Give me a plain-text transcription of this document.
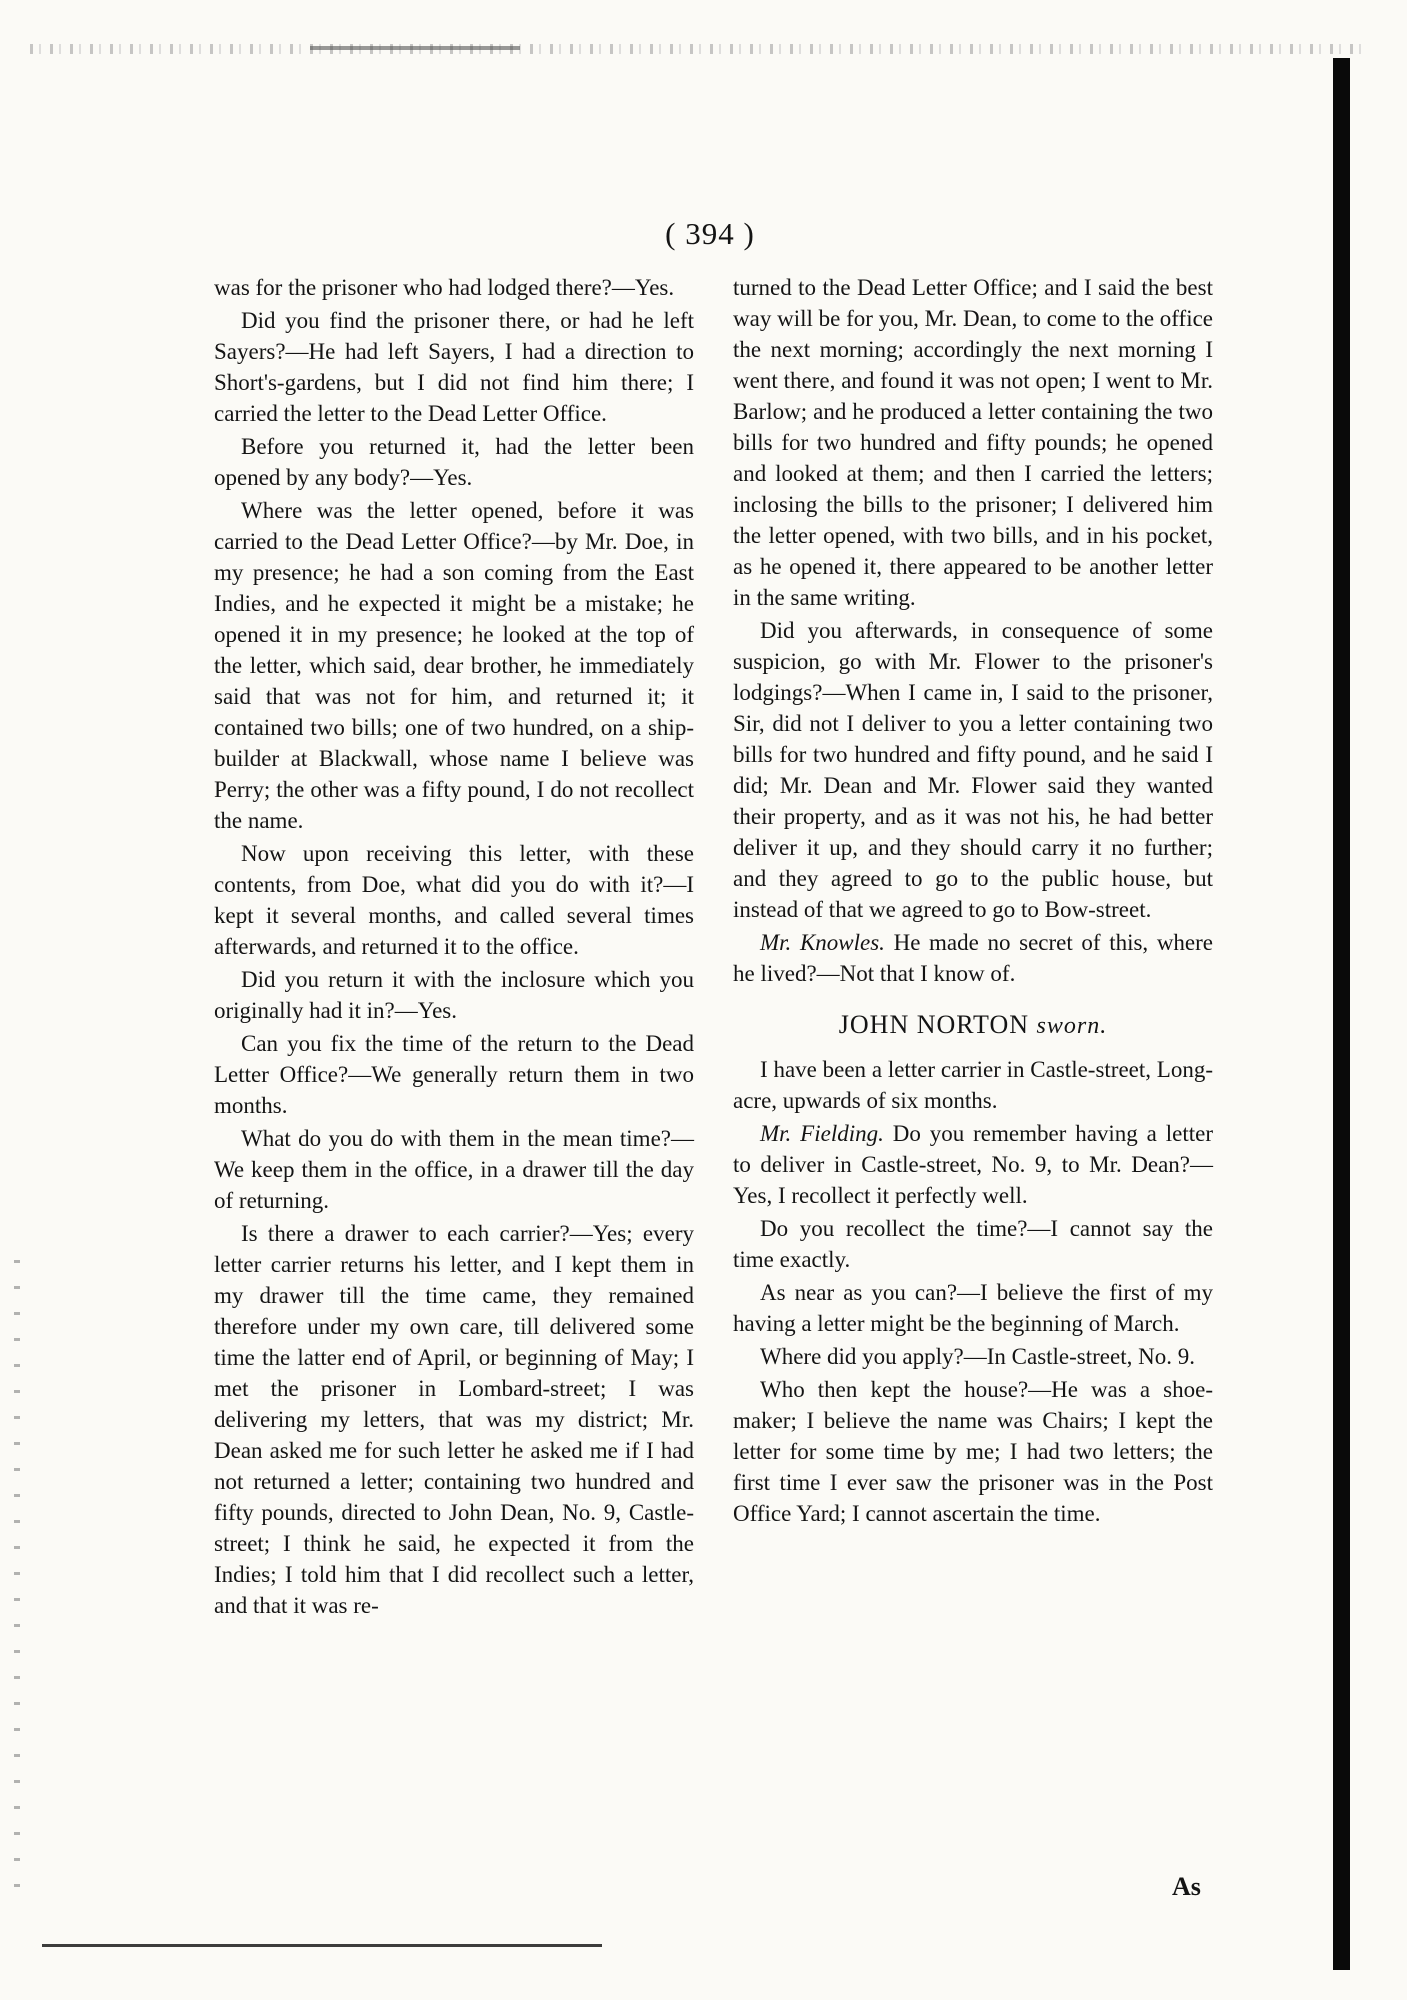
( 394 )

was for the prisoner who had lodged there?—Yes.

Did you find the prisoner there, or had he left Sayers?—He had left Sayers, I had a direction to Short's-gardens, but I did not find him there; I carried the letter to the Dead Letter Office.

Before you returned it, had the letter been opened by any body?—Yes.

Where was the letter opened, before it was carried to the Dead Letter Office?—by Mr. Doe, in my presence; he had a son coming from the East Indies, and he expected it might be a mistake; he opened it in my presence; he looked at the top of the letter, which said, dear brother, he immediately said that was not for him, and returned it; it contained two bills; one of two hundred, on a ship-builder at Blackwall, whose name I believe was Perry; the other was a fifty pound, I do not recollect the name.

Now upon receiving this letter, with these contents, from Doe, what did you do with it?—I kept it several months, and called several times afterwards, and returned it to the office.

Did you return it with the inclosure which you originally had it in?—Yes.

Can you fix the time of the return to the Dead Letter Office?—We generally return them in two months.

What do you do with them in the mean time?—We keep them in the office, in a drawer till the day of returning.

Is there a drawer to each carrier?—Yes; every letter carrier returns his letter, and I kept them in my drawer till the time came, they remained therefore under my own care, till delivered some time the latter end of April, or beginning of May; I met the prisoner in Lombard-street; I was delivering my letters, that was my district; Mr. Dean asked me for such letter he asked me if I had not returned a letter; containing two hundred and fifty pounds, directed to John Dean, No. 9, Castle-street; I think he said, he expected it from the Indies; I told him that I did recollect such a letter, and that it was re-

turned to the Dead Letter Office; and I said the best way will be for you, Mr. Dean, to come to the office the next morning; accordingly the next morning I went there, and found it was not open; I went to Mr. Barlow; and he produced a letter containing the two bills for two hundred and fifty pounds; he opened and looked at them; and then I carried the letters; inclosing the bills to the prisoner; I delivered him the letter opened, with two bills, and in his pocket, as he opened it, there appeared to be another letter in the same writing.

Did you afterwards, in consequence of some suspicion, go with Mr. Flower to the prisoner's lodgings?—When I came in, I said to the prisoner, Sir, did not I deliver to you a letter containing two bills for two hundred and fifty pound, and he said I did; Mr. Dean and Mr. Flower said they wanted their property, and as it was not his, he had better deliver it up, and they should carry it no further; and they agreed to go to the public house, but instead of that we agreed to go to Bow-street.

Mr. Knowles. He made no secret of this, where he lived?—Not that I know of.

JOHN NORTON sworn.

I have been a letter carrier in Castle-street, Long-acre, upwards of six months.

Mr. Fielding. Do you remember having a letter to deliver in Castle-street, No. 9, to Mr. Dean?—Yes, I recollect it perfectly well.

Do you recollect the time?—I cannot say the time exactly.

As near as you can?—I believe the first of my having a letter might be the beginning of March.

Where did you apply?—In Castle-street, No. 9.

Who then kept the house?—He was a shoe-maker; I believe the name was Chairs; I kept the letter for some time by me; I had two letters; the first time I ever saw the prisoner was in the Post Office Yard; I cannot ascertain the time.

As
